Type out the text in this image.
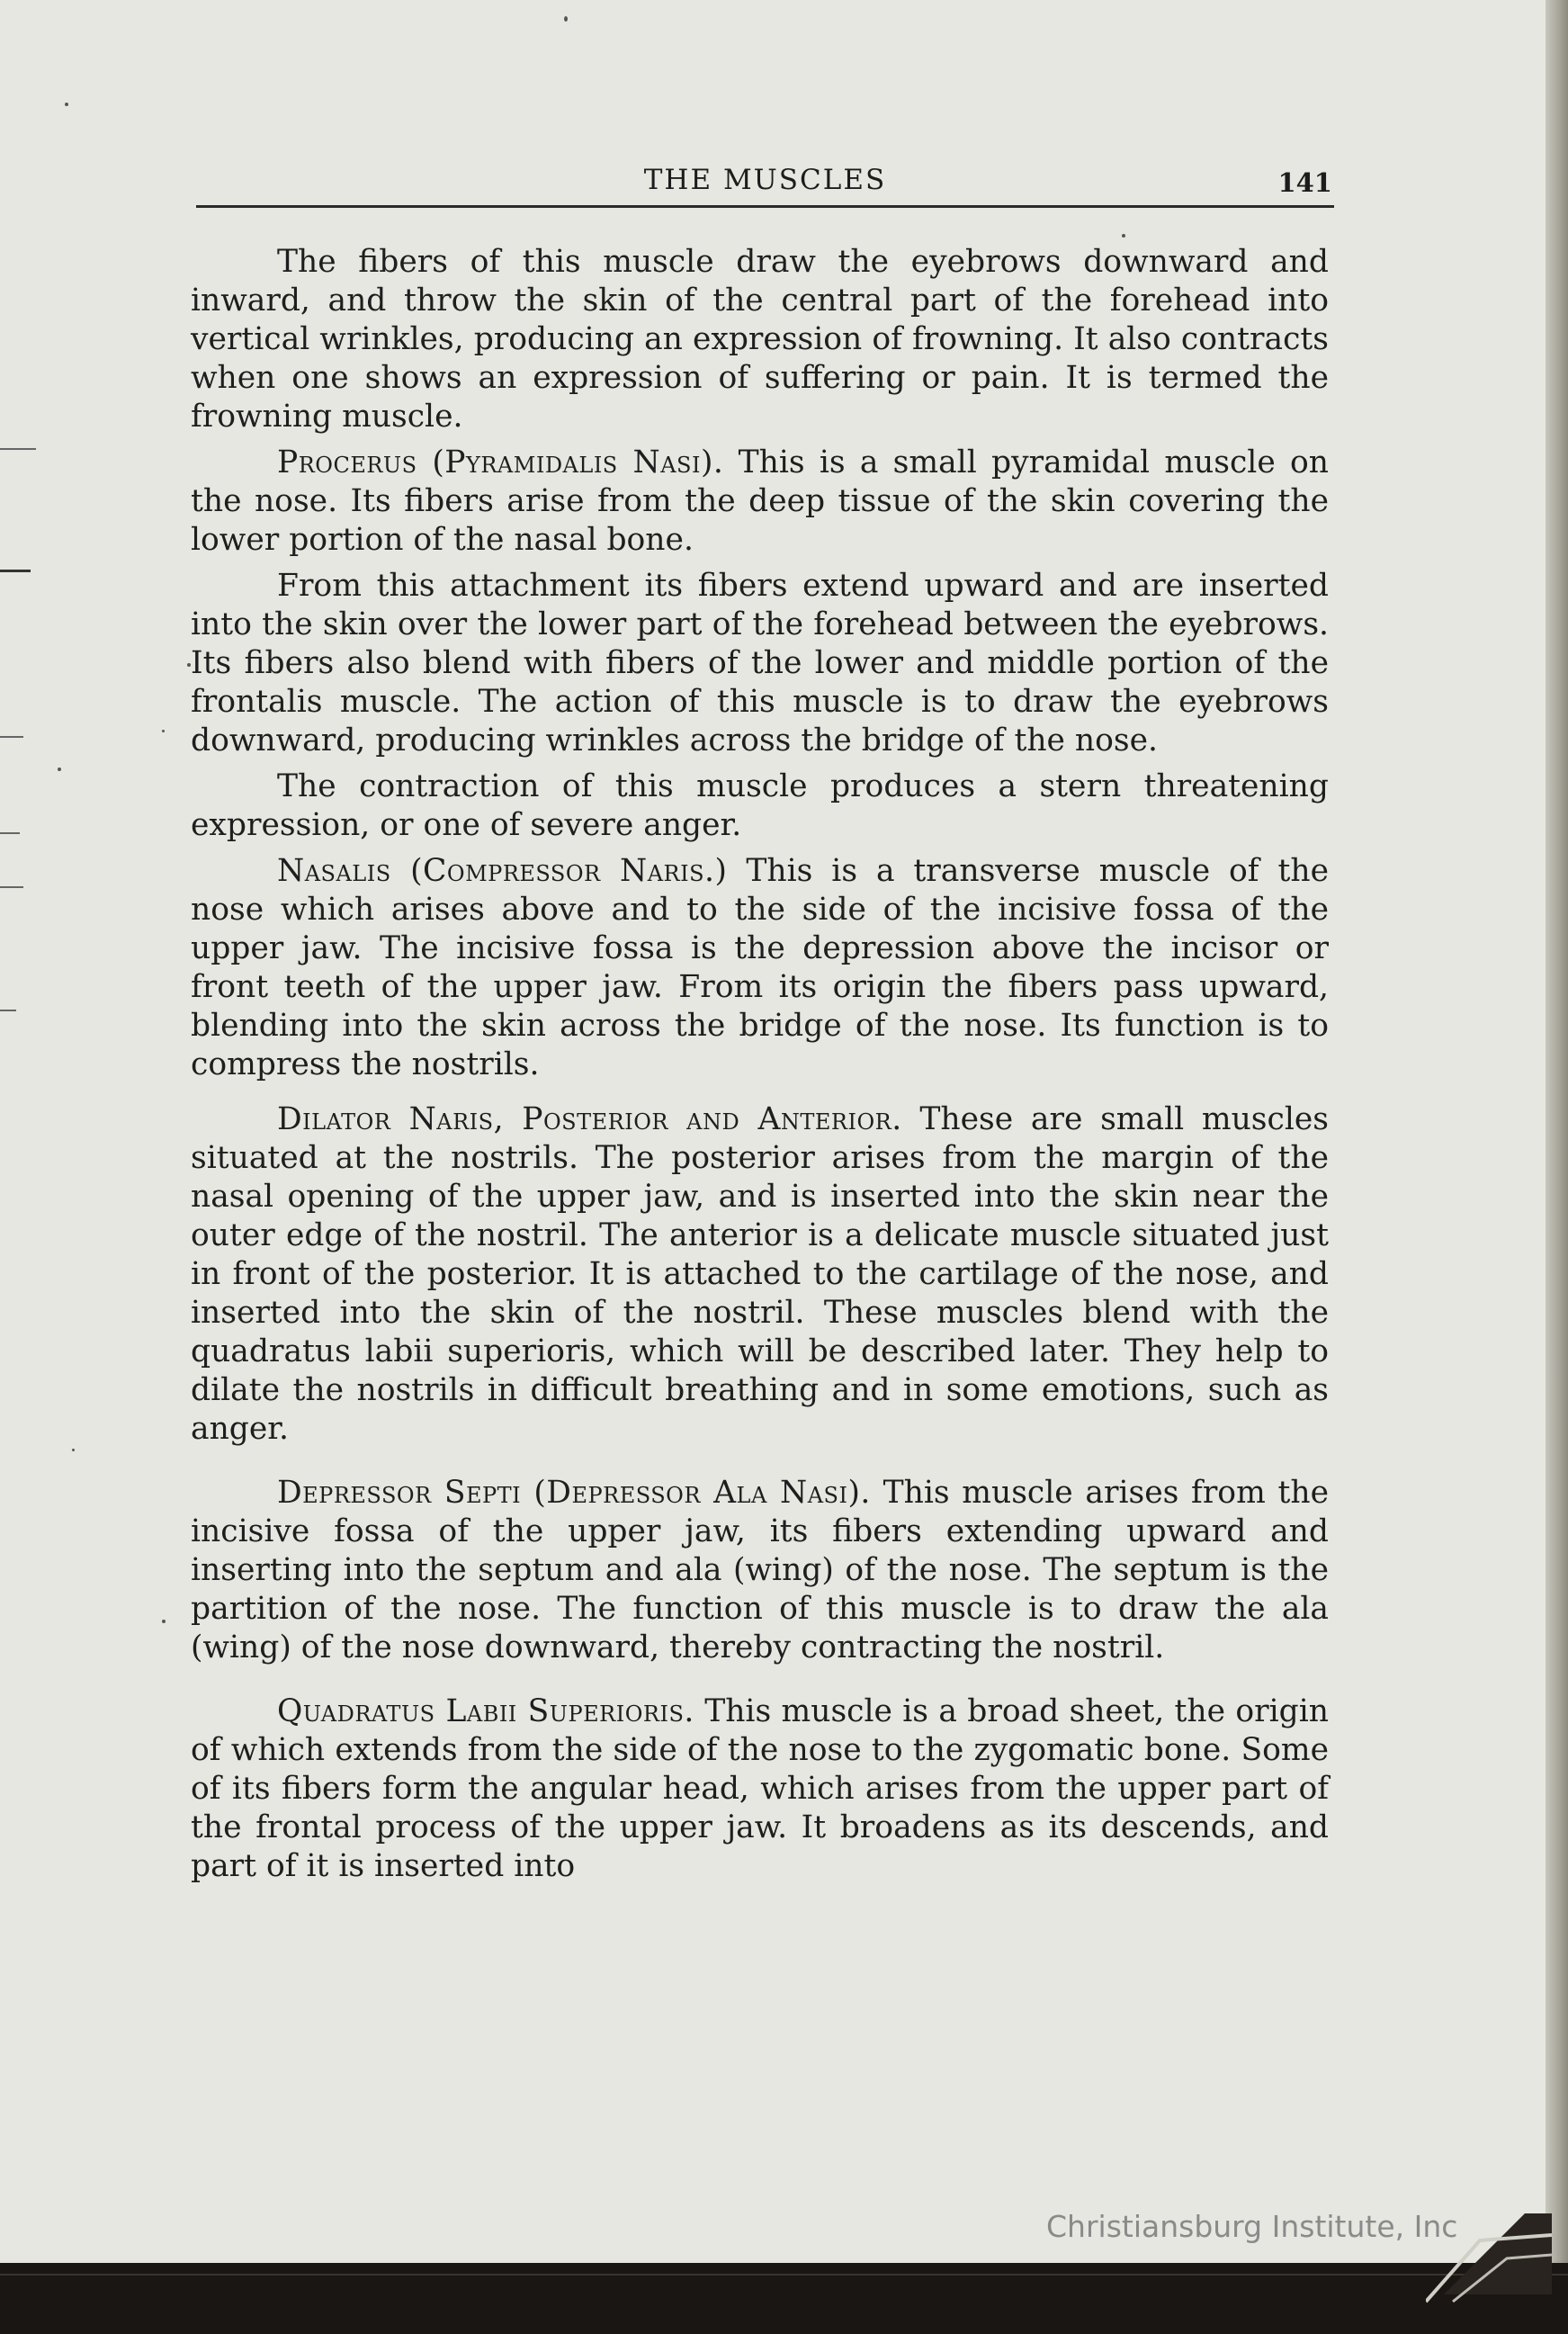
THE MUSCLES	141

The fibers of this muscle draw the eyebrows downward and inward, and throw the skin of the central part of the forehead into vertical wrinkles, producing an expression of frowning. It also contracts when one shows an expression of suffering or pain. It is termed the frowning muscle.

Procerus (Pyramidalis Nasi). This is a small pyramidal muscle on the nose. Its fibers arise from the deep tissue of the skin covering the lower portion of the nasal bone.

From this attachment its fibers extend upward and are inserted into the skin over the lower part of the forehead between the eyebrows. Its fibers also blend with fibers of the lower and middle portion of the frontalis muscle. The action of this muscle is to draw the eyebrows downward, producing wrinkles across the bridge of the nose.

The contraction of this muscle produces a stern threatening expression, or one of severe anger.

Nasalis (Compressor Naris.) This is a transverse muscle of the nose which arises above and to the side of the incisive fossa of the upper jaw. The incisive fossa is the depression above the incisor or front teeth of the upper jaw. From its origin the fibers pass upward, blending into the skin across the bridge of the nose. Its function is to compress the nostrils.

Dilator Naris, Posterior and Anterior. These are small muscles situated at the nostrils. The posterior arises from the margin of the nasal opening of the upper jaw, and is inserted into the skin near the outer edge of the nostril. The anterior is a delicate muscle situated just in front of the posterior. It is attached to the cartilage of the nose, and inserted into the skin of the nostril. These muscles blend with the quadratus labii superioris, which will be described later. They help to dilate the nostrils in difficult breathing and in some emotions, such as anger.

Depressor Septi (Depressor Ala Nasi). This muscle arises from the incisive fossa of the upper jaw, its fibers extending upward and inserting into the septum and ala (wing) of the nose. The septum is the partition of the nose. The function of this muscle is to draw the ala (wing) of the nose downward, thereby contracting the nostril.

Quadratus Labii Superioris. This muscle is a broad sheet, the origin of which extends from the side of the nose to the zygomatic bone. Some of its fibers form the angular head, which arises from the upper part of the frontal process of the upper jaw. It broadens as its descends, and part of it is inserted into

Christiansburg Institute, Inc
